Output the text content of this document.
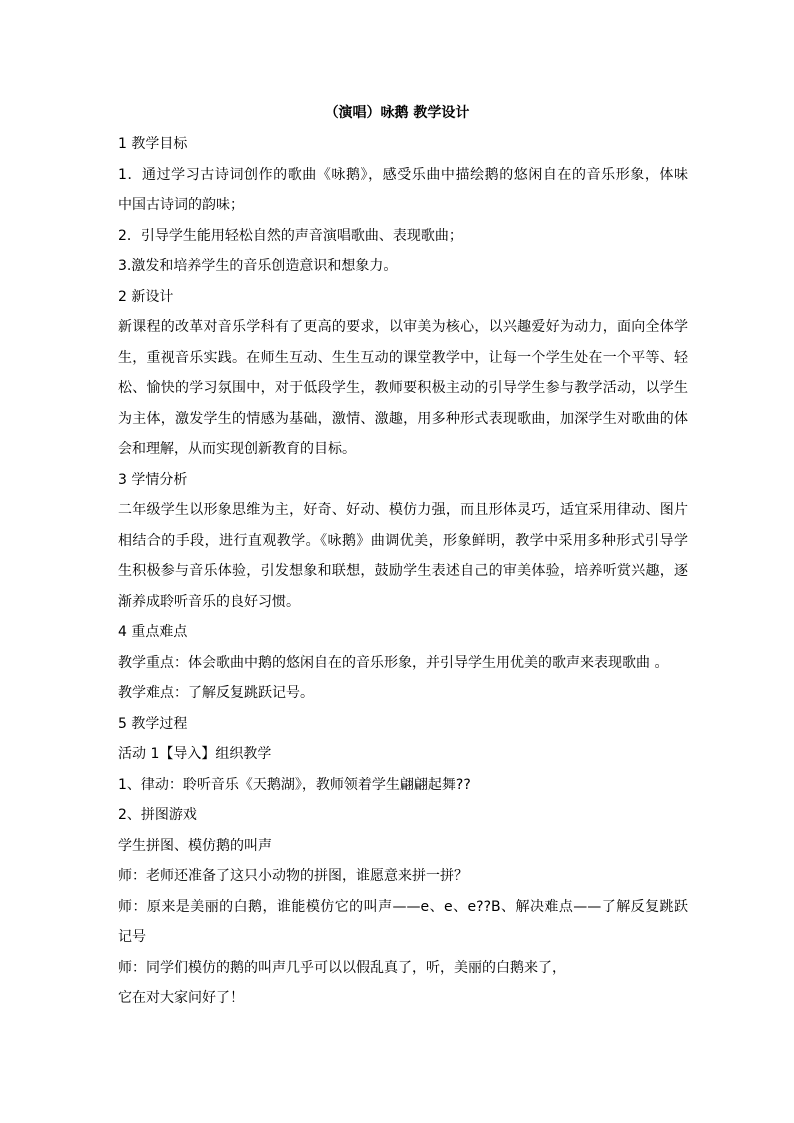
（演唱）咏鹅 教学设计

1 教学目标

1．通过学习古诗词创作的歌曲《咏鹅》，感受乐曲中描绘鹅的悠闲自在的音乐形象，体味

中国古诗词的韵味；

2．引导学生能用轻松自然的声音演唱歌曲、表现歌曲；

3.激发和培养学生的音乐创造意识和想象力。

2 新设计

新课程的改革对音乐学科有了更高的要求，以审美为核心，以兴趣爱好为动力，面向全体学

生，重视音乐实践。在师生互动、生生互动的课堂教学中，让每一个学生处在一个平等、轻

松、愉快的学习氛围中，对于低段学生，教师要积极主动的引导学生参与教学活动，以学生

为主体，激发学生的情感为基础，激情、激趣，用多种形式表现歌曲，加深学生对歌曲的体

会和理解，从而实现创新教育的目标。

3 学情分析

二年级学生以形象思维为主，好奇、好动、模仿力强，而且形体灵巧，适宜采用律动、图片

相结合的手段，进行直观教学。《咏鹅》曲调优美，形象鲜明，教学中采用多种形式引导学

生积极参与音乐体验，引发想象和联想，鼓励学生表述自己的审美体验，培养听赏兴趣，逐

渐养成聆听音乐的良好习惯。

4 重点难点

教学重点：体会歌曲中鹅的悠闲自在的音乐形象，并引导学生用优美的歌声来表现歌曲 。

教学难点：了解反复跳跃记号。

5 教学过程

活动 1【导入】组织教学

1、律动：聆听音乐《天鹅湖》，教师领着学生翩翩起舞??

2、拼图游戏

学生拼图、模仿鹅的叫声

师：老师还准备了这只小动物的拼图，谁愿意来拼一拼？

师：原来是美丽的白鹅，谁能模仿它的叫声——e、e、e??B、解决难点——了解反复跳跃

记号

师：同学们模仿的鹅的叫声几乎可以以假乱真了，听，美丽的白鹅来了，

它在对大家问好了！
